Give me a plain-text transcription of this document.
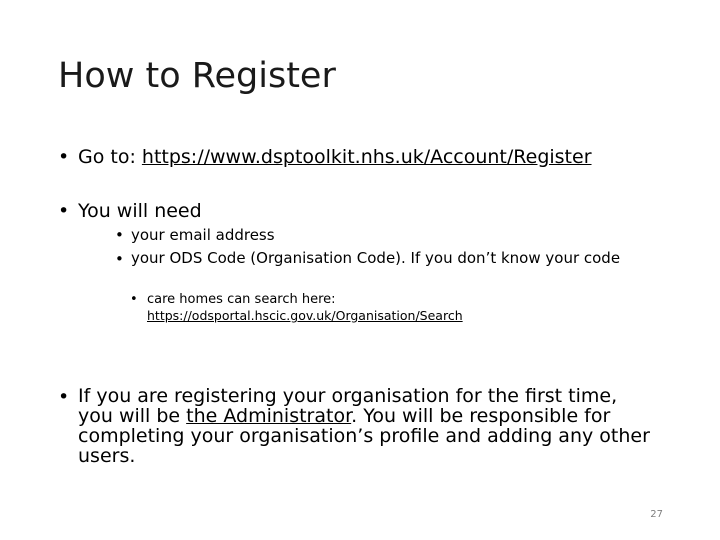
How to Register
• Go to: https://www.dsptoolkit.nhs.uk/Account/Register
• You will need
• your email address
• your ODS Code (Organisation Code). If you don’t know your code
• care homes can search here:
https://odsportal.hscic.gov.uk/Organisation/Search
• If you are registering your organisation for the first time, you will be the Administrator. You will be responsible for completing your organisation’s profile and adding any other users.
27
